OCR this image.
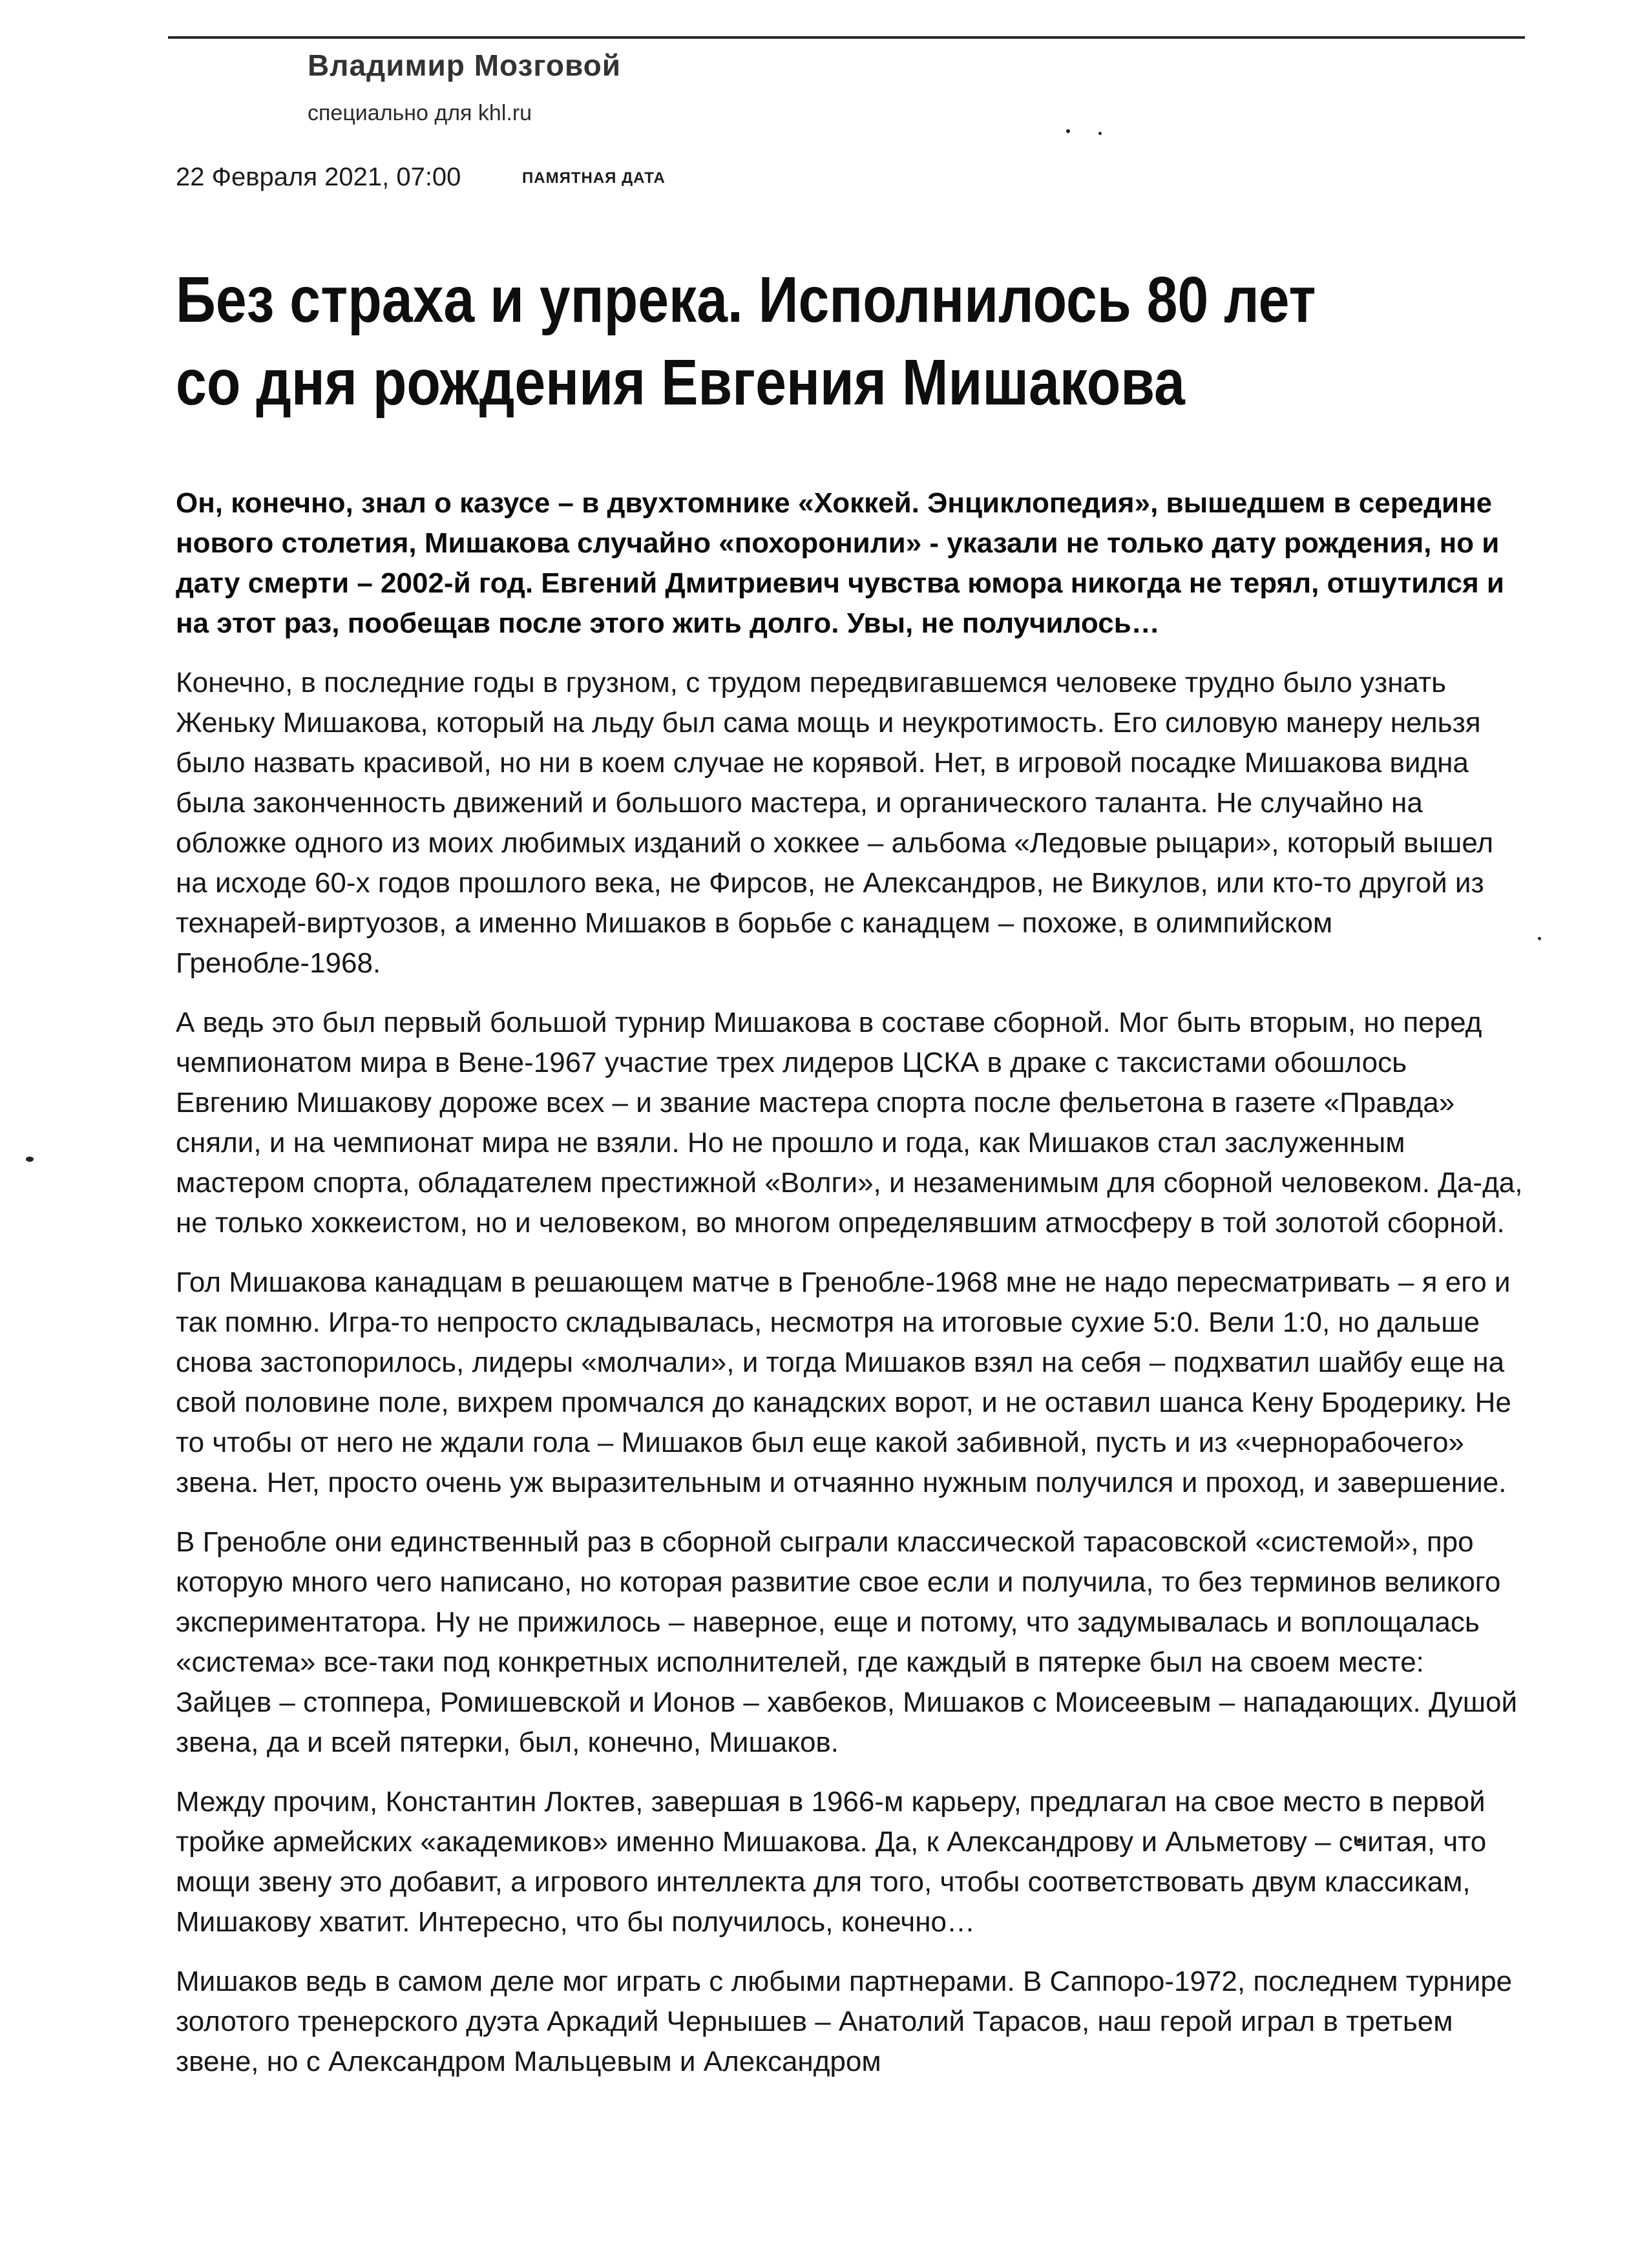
Владимир Мозговой
специально для khl.ru
22 Февраля 2021, 07:00	ПАМЯТНАЯ ДАТА
Без страха и упрека. Исполнилось 80 лет со дня рождения Евгения Мишакова

Он, конечно, знал о казусе – в двухтомнике «Хоккей. Энциклопедия», вышедшем в середине нового столетия, Мишакова случайно «похоронили» - указали не только дату рождения, но и дату смерти – 2002-й год. Евгений Дмитриевич чувства юмора никогда не терял, отшутился и на этот раз, пообещав после этого жить долго. Увы, не получилось…

Конечно, в последние годы в грузном, с трудом передвигавшемся человеке трудно было узнать Женьку Мишакова, который на льду был сама мощь и неукротимость. Его силовую манеру нельзя было назвать красивой, но ни в коем случае не корявой. Нет, в игровой посадке Мишакова видна была законченность движений и большого мастера, и органического таланта. Не случайно на обложке одного из моих любимых изданий о хоккее – альбома «Ледовые рыцари», который вышел на исходе 60-х годов прошлого века, не Фирсов, не Александров, не Викулов, или кто-то другой из технарей-виртуозов, а именно Мишаков в борьбе с канадцем – похоже, в олимпийском Гренобле-1968.

А ведь это был первый большой турнир Мишакова в составе сборной. Мог быть вторым, но перед чемпионатом мира в Вене-1967 участие трех лидеров ЦСКА в драке с таксистами обошлось Евгению Мишакову дороже всех – и звание мастера спорта после фельетона в газете «Правда» сняли, и на чемпионат мира не взяли. Но не прошло и года, как Мишаков стал заслуженным мастером спорта, обладателем престижной «Волги», и незаменимым для сборной человеком. Да-да, не только хоккеистом, но и человеком, во многом определявшим атмосферу в той золотой сборной.

Гол Мишакова канадцам в решающем матче в Гренобле-1968 мне не надо пересматривать – я его и так помню. Игра-то непросто складывалась, несмотря на итоговые сухие 5:0. Вели 1:0, но дальше снова застопорилось, лидеры «молчали», и тогда Мишаков взял на себя – подхватил шайбу еще на свой половине поле, вихрем промчался до канадских ворот, и не оставил шанса Кену Бродерику. Не то чтобы от него не ждали гола – Мишаков был еще какой забивной, пусть и из «чернорабочего» звена. Нет, просто очень уж выразительным и отчаянно нужным получился и проход, и завершение.

В Гренобле они единственный раз в сборной сыграли классической тарасовской «системой», про которую много чего написано, но которая развитие свое если и получила, то без терминов великого экспериментатора. Ну не прижилось – наверное, еще и потому, что задумывалась и воплощалась «система» все-таки под конкретных исполнителей, где каждый в пятерке был на своем месте: Зайцев – стоппера, Ромишевской и Ионов – хавбеков, Мишаков с Моисеевым – нападающих. Душой звена, да и всей пятерки, был, конечно, Мишаков.

Между прочим, Константин Локтев, завершая в 1966-м карьеру, предлагал на свое место в первой тройке армейских «академиков» именно Мишакова. Да, к Александрову и Альметову – считая, что мощи звену это добавит, а игрового интеллекта для того, чтобы соответствовать двум классикам, Мишакову хватит. Интересно, что бы получилось, конечно…

Мишаков ведь в самом деле мог играть с любыми партнерами. В Саппоро-1972, последнем турнире золотого тренерского дуэта Аркадий Чернышев – Анатолий Тарасов, наш герой играл в третьем звене, но с Александром Мальцевым и Александром
